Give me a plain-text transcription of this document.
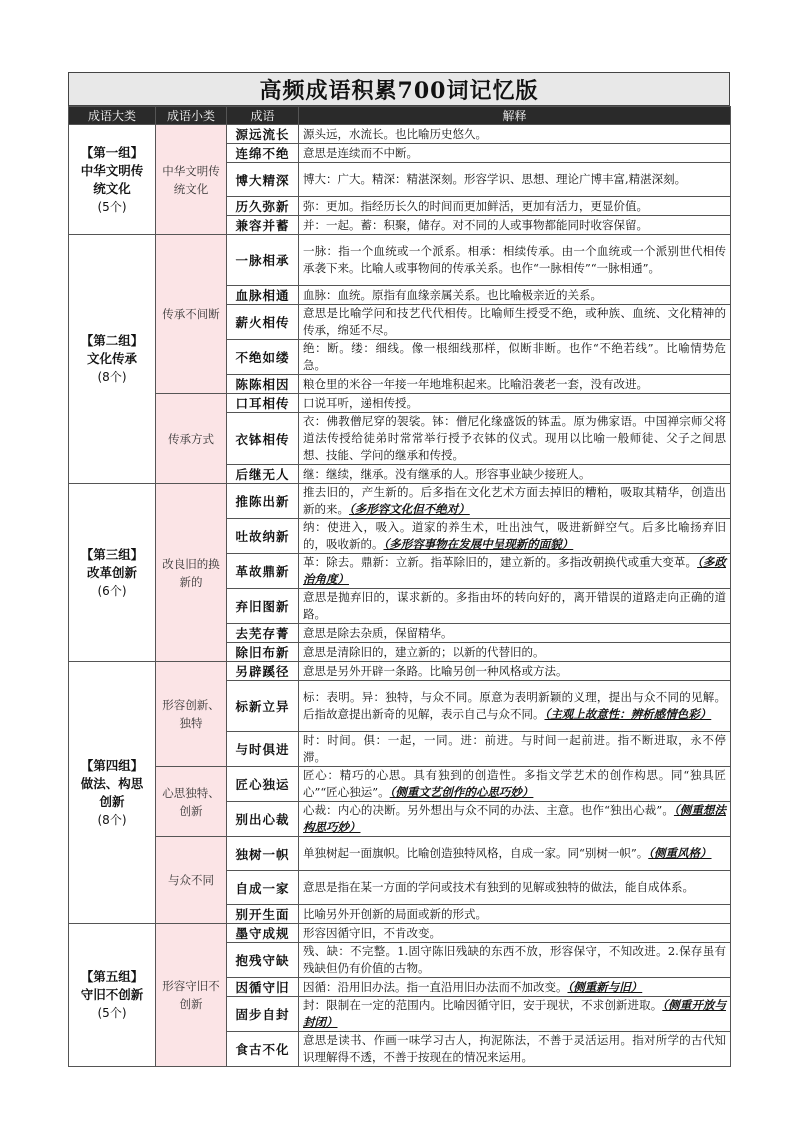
高频成语积累700词记忆版
成语大类	成语小类	成语	解释

【第一组】
中华文明传统文化
(5个)	中华文明传统文化	源远流长	源头远，水流长。也比喻历史悠久。
		连绵不绝	意思是连续而不中断。
		博大精深	博大：广大。精深：精湛深刻。形容学识、思想、理论广博丰富,精湛深刻。
		历久弥新	弥：更加。指经历长久的时间而更加鲜活，更加有活力，更显价值。
		兼容并蓄	并：一起。蓄：积聚，储存。对不同的人或事物都能同时收容保留。

【第二组】
文化传承
(8个)	传承不间断	一脉相承	一脉：指一个血统或一个派系。相承：相续传承。由一个血统或一个派别世代相传承袭下来。比喻人或事物间的传承关系。也作“一脉相传”“一脉相通”。
		血脉相通	血脉：血统。原指有血缘亲属关系。也比喻极亲近的关系。
		薪火相传	意思是比喻学问和技艺代代相传。比喻师生授受不绝，或种族、血统、文化精神的传承，绵延不尽。
		不绝如缕	绝：断。缕：细线。像一根细线那样，似断非断。也作“不绝若线”。比喻情势危急。
		陈陈相因	粮仓里的米谷一年接一年地堆积起来。比喻沿袭老一套，没有改进。
	传承方式	口耳相传	口说耳听，递相传授。
		衣钵相传	衣：佛教僧尼穿的袈裟。钵：僧尼化缘盛饭的钵盂。原为佛家语。中国禅宗师父将道法传授给徒弟时常常举行授予衣钵的仪式。现用以比喻一般师徒、父子之间思想、技能、学问的继承和传授。
		后继无人	继：继续，继承。没有继承的人。形容事业缺少接班人。

【第三组】
改革创新
(6个)	改良旧的换新的	推陈出新	推去旧的，产生新的。后多指在文化艺术方面去掉旧的糟粕，吸取其精华，创造出新的来。（多形容文化但不绝对）
		吐故纳新	纳：使进入，吸入。道家的养生术，吐出浊气，吸进新鲜空气。后多比喻扬弃旧的，吸收新的。（多形容事物在发展中呈现新的面貌）
		革故鼎新	革：除去。鼎新：立新。指革除旧的，建立新的。多指改朝换代或重大变革。（多政治角度）
		弃旧图新	意思是抛弃旧的，谋求新的。多指由坏的转向好的，离开错误的道路走向正确的道路。
		去芜存菁	意思是除去杂质，保留精华。
		除旧布新	意思是清除旧的，建立新的；以新的代替旧的。

【第四组】
做法、构思创新
(8个)	形容创新、独特	另辟蹊径	意思是另外开辟一条路。比喻另创一种风格或方法。
		标新立异	标：表明。异：独特，与众不同。原意为表明新颖的义理，提出与众不同的见解。后指故意提出新奇的见解，表示自己与众不同。（主观上故意性：辨析感情色彩）
		与时俱进	时：时间。俱：一起，一同。进：前进。与时间一起前进。指不断进取，永不停滞。
	心思独特、创新	匠心独运	匠心：精巧的心思。具有独到的创造性。多指文学艺术的创作构思。同“独具匠心”“匠心独运”。（侧重文艺创作的心思巧妙）
		别出心裁	心裁：内心的决断。另外想出与众不同的办法、主意。也作“独出心裁”。（侧重想法构思巧妙）
	与众不同	独树一帜	单独树起一面旗帜。比喻创造独特风格，自成一家。同“别树一帜”。（侧重风格）
		自成一家	意思是指在某一方面的学问或技术有独到的见解或独特的做法，能自成体系。
		别开生面	比喻另外开创新的局面或新的形式。

【第五组】
守旧不创新
(5个)	形容守旧不创新	墨守成规	形容因循守旧，不肯改变。
		抱残守缺	残、缺：不完整。1.固守陈旧残缺的东西不放，形容保守，不知改进。2.保存虽有残缺但仍有价值的古物。
		因循守旧	因循：沿用旧办法。指一直沿用旧办法而不加改变。（侧重新与旧）
		固步自封	封：限制在一定的范围内。比喻因循守旧，安于现状，不求创新进取。（侧重开放与封闭）
		食古不化	意思是读书、作画一味学习古人，拘泥陈法，不善于灵活运用。指对所学的古代知识理解得不透，不善于按现在的情况来运用。
